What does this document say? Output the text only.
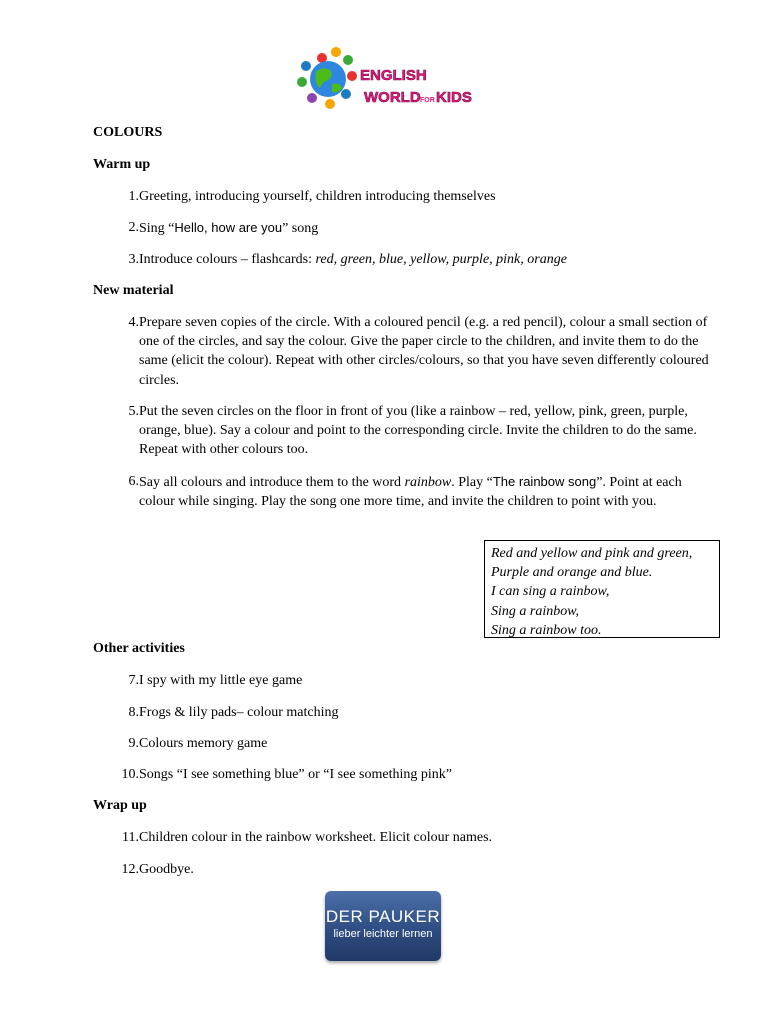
ENGLISH
WORLD FOR KIDS
COLOURS
Warm up
1. Greeting, introducing yourself, children introducing themselves
2. Sing “Hello, how are you” song
3. Introduce colours – flashcards: red, green, blue, yellow, purple, pink, orange
New material
4. Prepare seven copies of the circle. With a coloured pencil (e.g. a red pencil), colour a small section of one of the circles, and say the colour. Give the paper circle to the children, and invite them to do the same (elicit the colour). Repeat with other circles/colours, so that you have seven differently coloured circles.
5. Put the seven circles on the floor in front of you (like a rainbow – red, yellow, pink, green, purple, orange, blue). Say a colour and point to the corresponding circle. Invite the children to do the same. Repeat with other colours too.
6. Say all colours and introduce them to the word rainbow. Play “The rainbow song”. Point at each colour while singing. Play the song one more time, and invite the children to point with you.
Red and yellow and pink and green,
Purple and orange and blue.
I can sing a rainbow,
Sing a rainbow,
Sing a rainbow too.
Other activities
7. I spy with my little eye game
8. Frogs & lily pads– colour matching
9. Colours memory game
10. Songs “I see something blue” or “I see something pink”
Wrap up
11. Children colour in the rainbow worksheet. Elicit colour names.
12. Goodbye.
DER PAUKER
lieber leichter lernen
